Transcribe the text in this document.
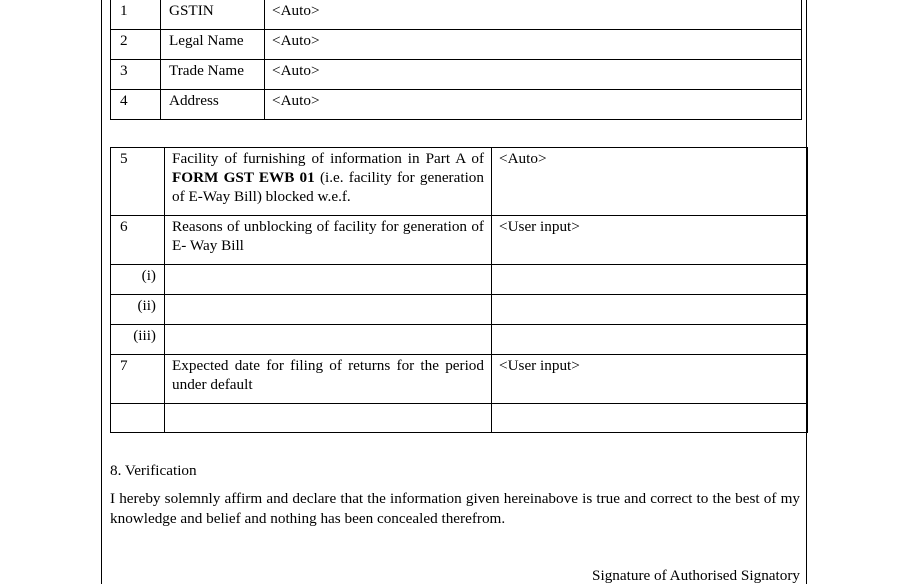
1	GSTIN	<Auto>
2	Legal Name	<Auto>
3	Trade Name	<Auto>
4	Address	<Auto>
5	Facility of furnishing of information in Part A of FORM GST EWB 01 (i.e. facility for generation of E-Way Bill) blocked w.e.f.	<Auto>
6	Reasons of unblocking of facility for generation of E- Way Bill	<User input>
(i)		
(ii)		
(iii)		
7	Expected date for filing of returns for the period under default	<User input>

8. Verification
I hereby solemnly affirm and declare that the information given hereinabove is true and correct to the best of my knowledge and belief and nothing has been concealed therefrom.
Signature of Authorised Signatory
